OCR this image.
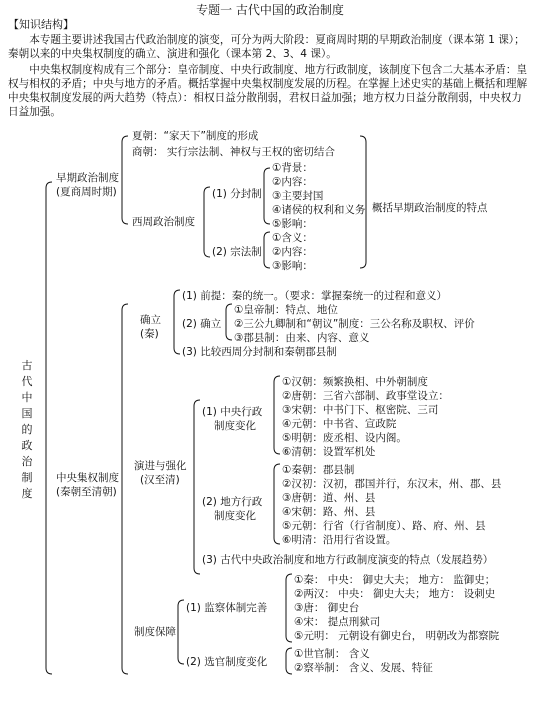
专题一 古代中国的政治制度
【知识结构】
本专题主要讲述我国古代政治制度的演变，可分为两大阶段：夏商周时期的早期政治制度（课本第 1 课）；秦朝以来的中央集权制度的确立、演进和强化（课本第 2、3、4 课）。
中央集权制度构成有三个部分：皇帝制度、中央行政制度、地方行政制度，该制度下包含二大基本矛盾：皇权与相权的矛盾；中央与地方的矛盾。概括掌握中央集权制度发展的历程。在掌握上述史实的基础上概括和理解中央集权制度发展的两大趋势（特点）：相权日益分散削弱，君权日益加强；地方权力日益分散削弱，中央权力日益加强。
古
代
中
国
的
政
治
制
度
早期政治制度
(夏商周时期)
夏朝：“家天下”制度的形成
商朝： 实行宗法制、神权与王权的密切结合
西周政治制度
(1) 分封制
①背景：
②内容：
③主要封国
④诸侯的权利和义务
⑤影响：
(2) 宗法制
①含义：
②内容：
③影响：
概括早期政治制度的特点
中央集权制度
(秦朝至清朝)
确立
(秦)
(1) 前提：秦的统一。（要求：掌握秦统一的过程和意义）
(2) 确立
①皇帝制：特点、地位
②三公九卿制和“朝议”制度：三公名称及职权、评价
③郡县制：由来、内容、意义
(3) 比较西周分封制和秦朝郡县制
演进与强化
(汉至清)
(1) 中央行政
制度变化
①汉朝：频繁换相、中外朝制度
②唐朝：三省六部制、政事堂设立：
③宋朝：中书门下、枢密院、三司
④元朝：中书省、宣政院
⑤明朝：废丞相、设内阁。
⑥清朝：设置军机处
(2) 地方行政
制度变化
①秦朝：郡县制
②汉初：汉初，郡国并行，东汉末，州、郡、县
③唐朝：道、州、县
④宋朝：路、州、县
⑤元朝：行省（行省制度）、路、府、州、县
⑥明清：沿用行省设置。
(3) 古代中央政治制度和地方行政制度演变的特点（发展趋势）
制度保障
(1) 监察体制完善
①秦： 中央： 御史大夫； 地方： 监御史；
②两汉： 中央： 御史大夫； 地方： 设刺史
③唐： 御史台
④宋： 提点刑狱司
⑤元明： 元朝设有御史台， 明朝改为都察院
(2) 选官制度变化
①世官制： 含义
②察举制： 含义、发展、特征
